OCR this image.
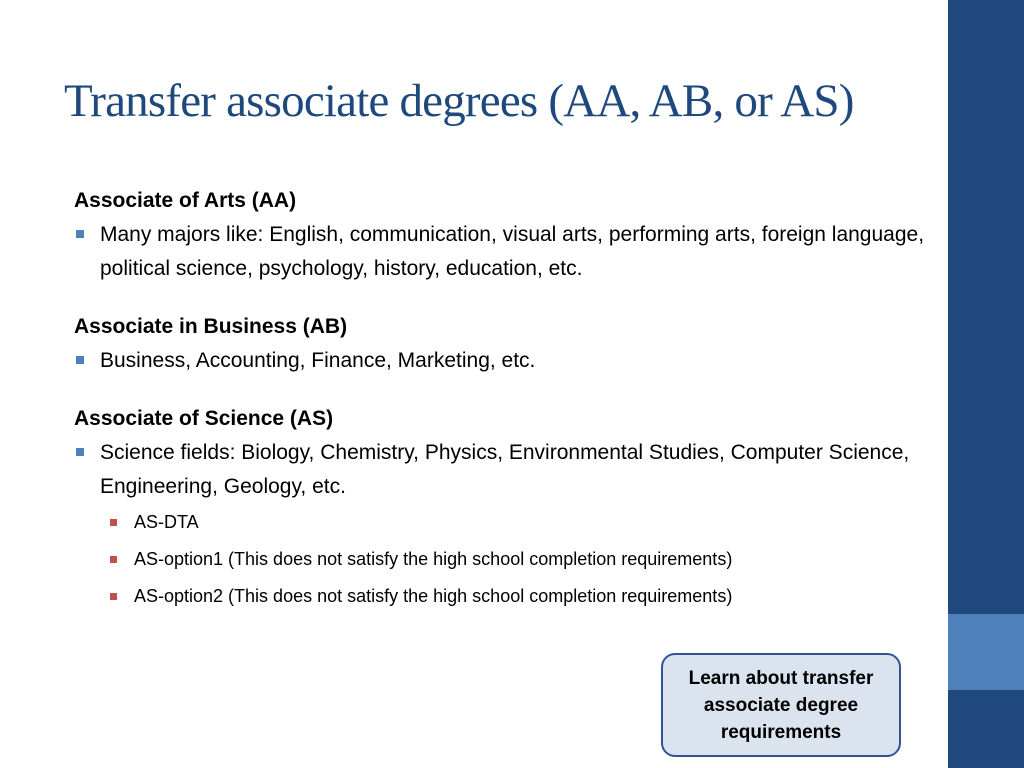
Transfer associate degrees (AA, AB, or AS)

Associate of Arts (AA)

Many majors like: English, communication, visual arts, performing arts, foreign language, political science, psychology, history, education, etc.

Associate in Business (AB)

Business, Accounting, Finance, Marketing, etc.

Associate of Science (AS)

Science fields: Biology, Chemistry, Physics, Environmental Studies, Computer Science, Engineering, Geology, etc.
AS-DTA
AS-option1 (This does not satisfy the high school completion requirements)
AS-option2 (This does not satisfy the high school completion requirements)
Learn about transfer associate degree requirements
